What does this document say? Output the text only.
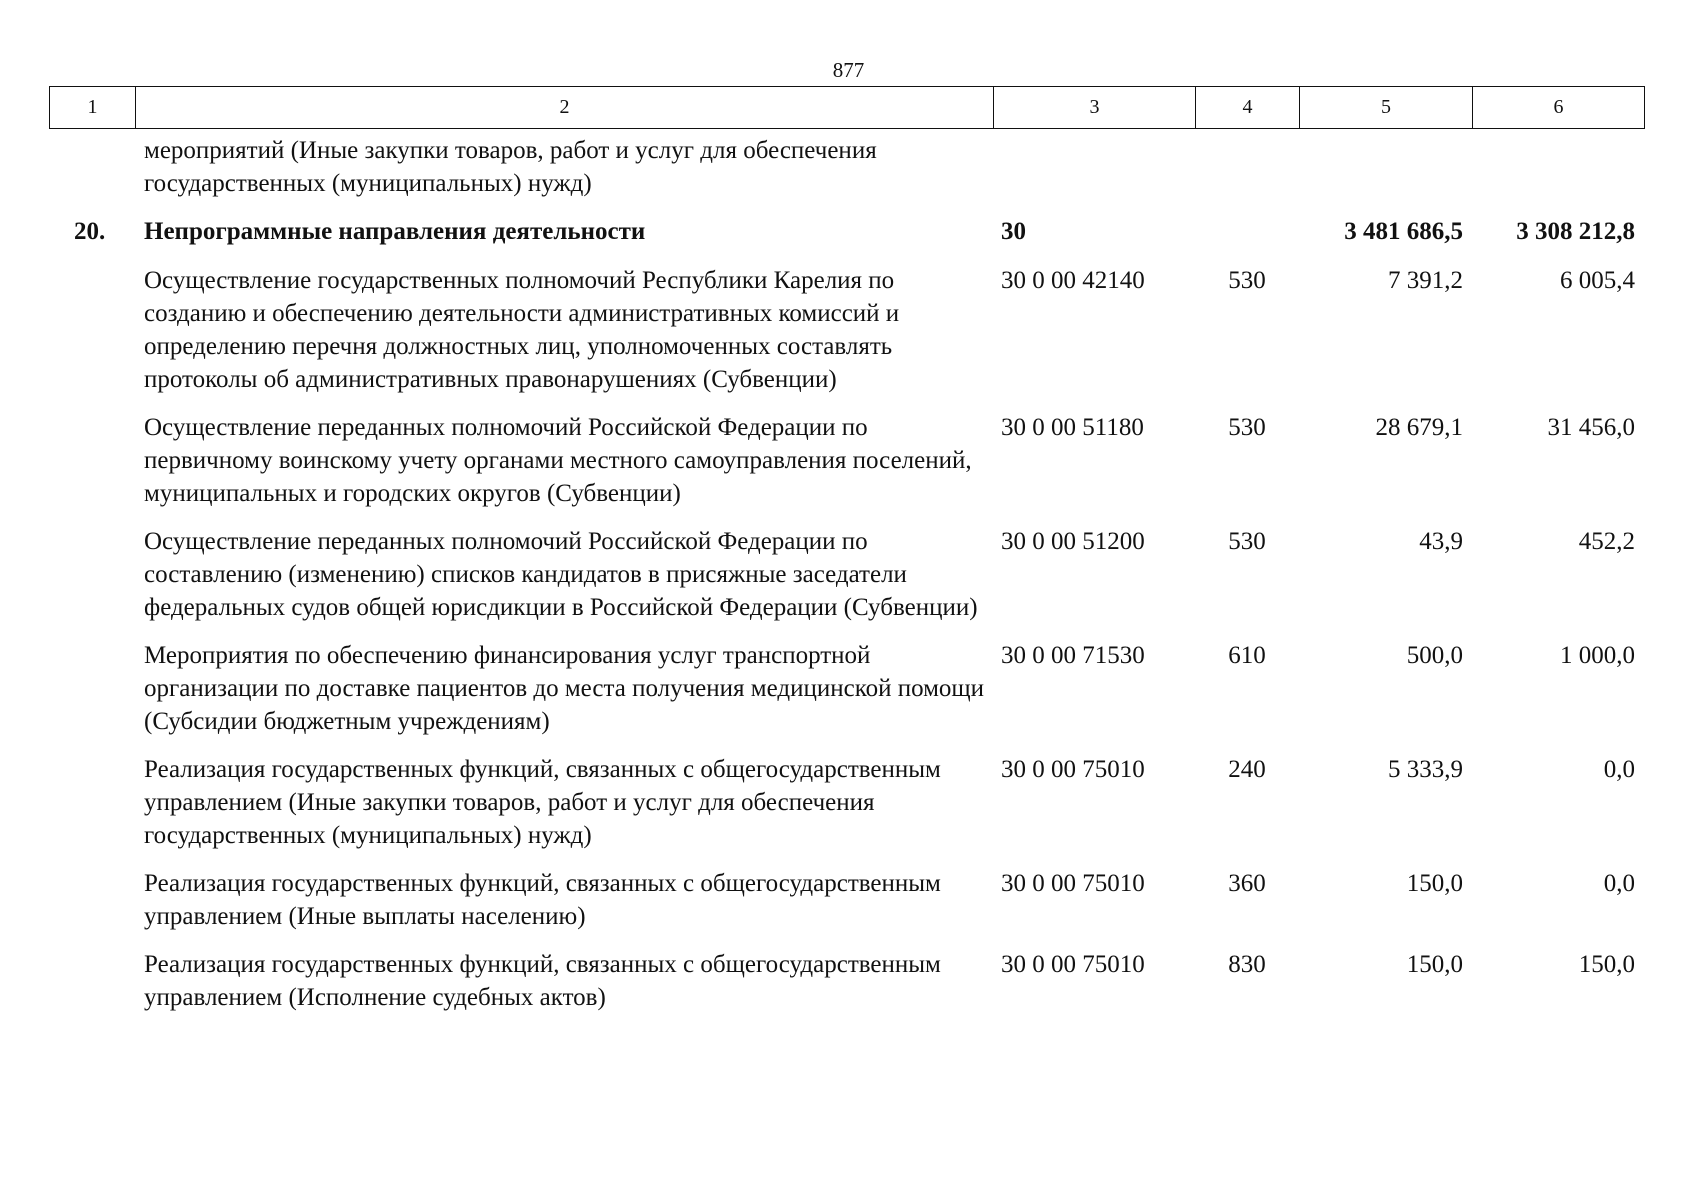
877
1	2	3	4	5	6
	мероприятий (Иные закупки товаров, работ и услуг для обеспечения государственных (муниципальных) нужд)				
20.	Непрограммные направления деятельности	30		3 481 686,5	3 308 212,8
	Осуществление государственных полномочий Республики Карелия по созданию и обеспечению деятельности административных комиссий и определению перечня должностных лиц, уполномоченных составлять протоколы об административных правонарушениях (Субвенции)	30 0 00 42140	530	7 391,2	6 005,4
	Осуществление переданных полномочий Российской Федерации по первичному воинскому учету органами местного самоуправления поселений, муниципальных и городских округов (Субвенции)	30 0 00 51180	530	28 679,1	31 456,0
	Осуществление переданных полномочий Российской Федерации по составлению (изменению) списков кандидатов в присяжные заседатели федеральных судов общей юрисдикции в Российской Федерации (Субвенции)	30 0 00 51200	530	43,9	452,2
	Мероприятия по обеспечению финансирования услуг транспортной организации по доставке пациентов до места получения медицинской помощи (Субсидии бюджетным учреждениям)	30 0 00 71530	610	500,0	1 000,0
	Реализация государственных функций, связанных с общегосударственным управлением (Иные закупки товаров, работ и услуг для обеспечения государственных (муниципальных) нужд)	30 0 00 75010	240	5 333,9	0,0
	Реализация государственных функций, связанных с общегосударственным управлением (Иные выплаты населению)	30 0 00 75010	360	150,0	0,0
	Реализация государственных функций, связанных с общегосударственным управлением (Исполнение судебных актов)	30 0 00 75010	830	150,0	150,0
